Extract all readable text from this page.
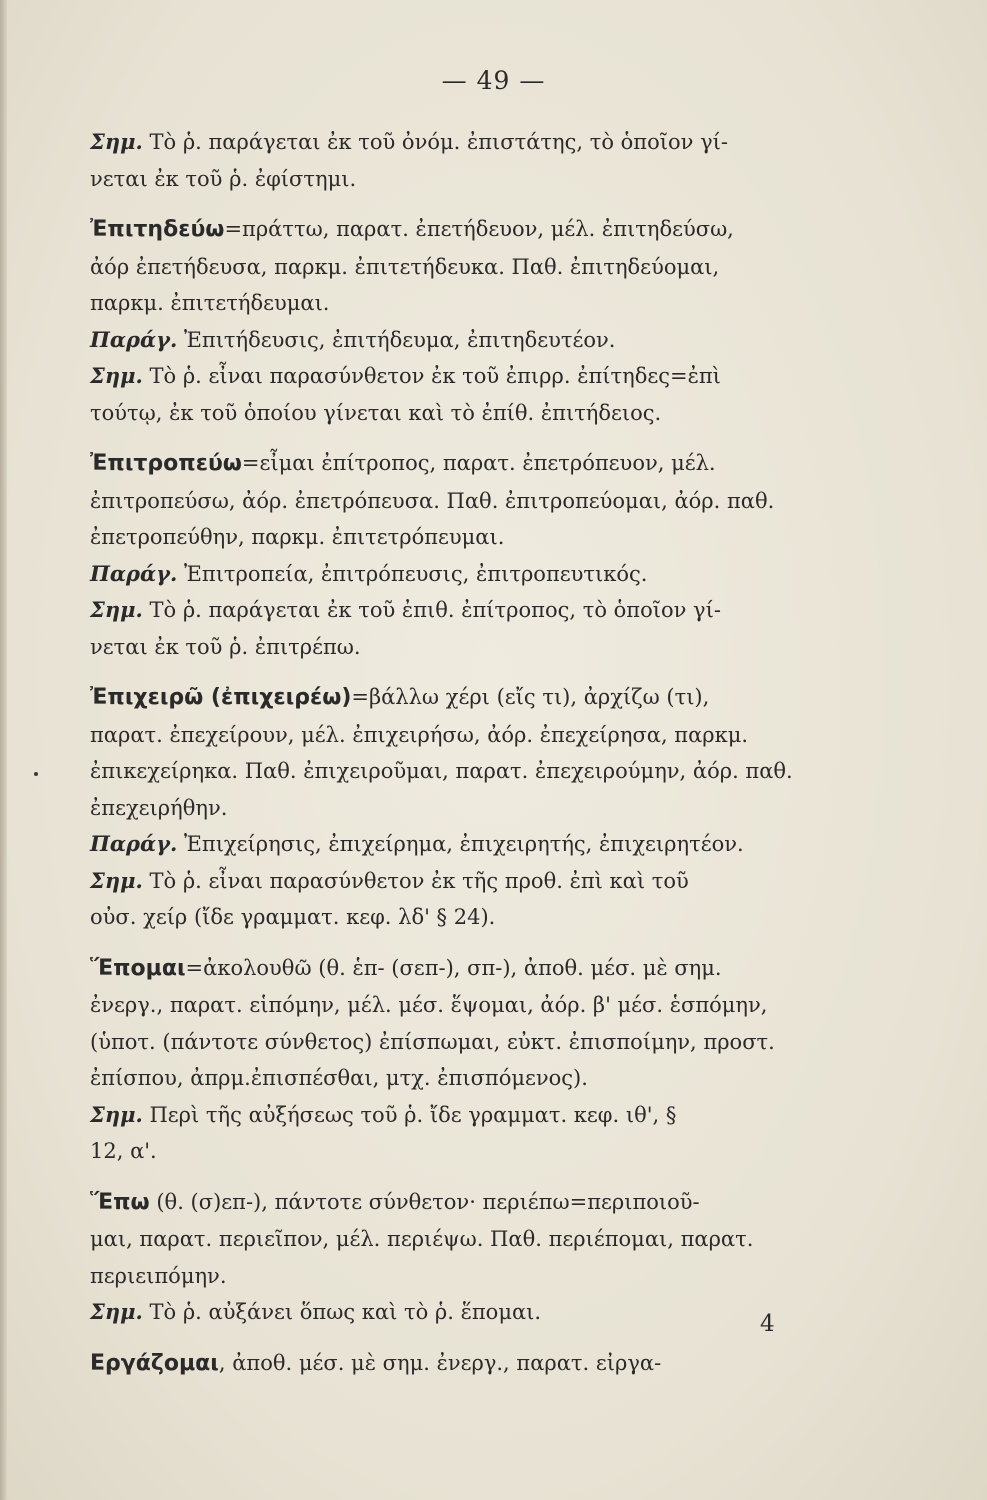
— 49 —

Σημ. Τὸ ῥ. παράγεται ἐκ τοῦ ὀνόμ. ἐπιστάτης, τὸ ὁποῖον γί-
νεται ἐκ τοῦ ῥ. ἐφίστημι.

Ἐπιτηδεύω=πράττω, παρατ. ἐπετήδευον, μέλ. ἐπιτηδεύσω,
ἀόρ ἐπετήδευσα, παρκμ. ἐπιτετήδευκα. Παθ. ἐπιτηδεύομαι,
παρκμ. ἐπιτετήδευμαι.

Παράγ. Ἐπιτήδευσις, ἐπιτήδευμα, ἐπιτηδευτέον.

Σημ. Τὸ ῥ. εἶναι παρασύνθετον ἐκ τοῦ ἐπιρρ. ἐπίτηδες=ἐπὶ
τούτῳ, ἐκ τοῦ ὁποίου γίνεται καὶ τὸ ἐπίθ. ἐπιτήδειος.

Ἐπιτροπεύω=εἶμαι ἐπίτροπος, παρατ. ἐπετρόπευον, μέλ.
ἐπιτροπεύσω, ἀόρ. ἐπετρόπευσα. Παθ. ἐπιτροπεύομαι, ἀόρ. παθ.
ἐπετροπεύθην, παρκμ. ἐπιτετρόπευμαι.

Παράγ. Ἐπιτροπεία, ἐπιτρόπευσις, ἐπιτροπευτικός.

Σημ. Τὸ ῥ. παράγεται ἐκ τοῦ ἐπιθ. ἐπίτροπος, τὸ ὁποῖον γί-
νεται ἐκ τοῦ ῥ. ἐπιτρέπω.

Ἐπιχειρῶ (ἐπιχειρέω)=βάλλω χέρι (εἴς τι), ἀρχίζω (τι),
παρατ. ἐπεχείρουν, μέλ. ἐπιχειρήσω, ἀόρ. ἐπεχείρησα, παρκμ.
ἐπικεχείρηκα. Παθ. ἐπιχειροῦμαι, παρατ. ἐπεχειρούμην, ἀόρ. παθ.
ἐπεχειρήθην.

Παράγ. Ἐπιχείρησις, ἐπιχείρημα, ἐπιχειρητής, ἐπιχειρητέον.

Σημ. Τὸ ῥ. εἶναι παρασύνθετον ἐκ τῆς προθ. ἐπὶ καὶ τοῦ
οὐσ. χείρ (ἴδε γραμματ. κεφ. λδ' § 24).

Ἕπομαι=ἀκολουθῶ (θ. ἑπ- (σεπ-), σπ-), ἀποθ. μέσ. μὲ σημ.
ἐνεργ., παρατ. εἱπόμην, μέλ. μέσ. ἕψομαι, ἀόρ. β' μέσ. ἑσπόμην,
(ὑποτ. (πάντοτε σύνθετος) ἐπίσπωμαι, εὐκτ. ἐπισποίμην, προστ.
ἐπίσπου, ἀπρμ.ἐπισπέσθαι, μτχ. ἐπισπόμενος).

Σημ. Περὶ τῆς αὐξήσεως τοῦ ῥ. ἴδε γραμματ. κεφ. ιθ', §
12, α'.

Ἕπω (θ. (σ)επ-), πάντοτε σύνθετον· περιέπω=περιποιοῦ-
μαι, παρατ. περιεῖπον, μέλ. περιέψω. Παθ. περιέπομαι, παρατ.
περιειπόμην.

Σημ. Τὸ ῥ. αὐξάνει ὅπως καὶ τὸ ῥ. ἕπομαι.

Εργάζομαι, ἀποθ. μέσ. μὲ σημ. ἐνεργ., παρατ. εἰργα-

4
